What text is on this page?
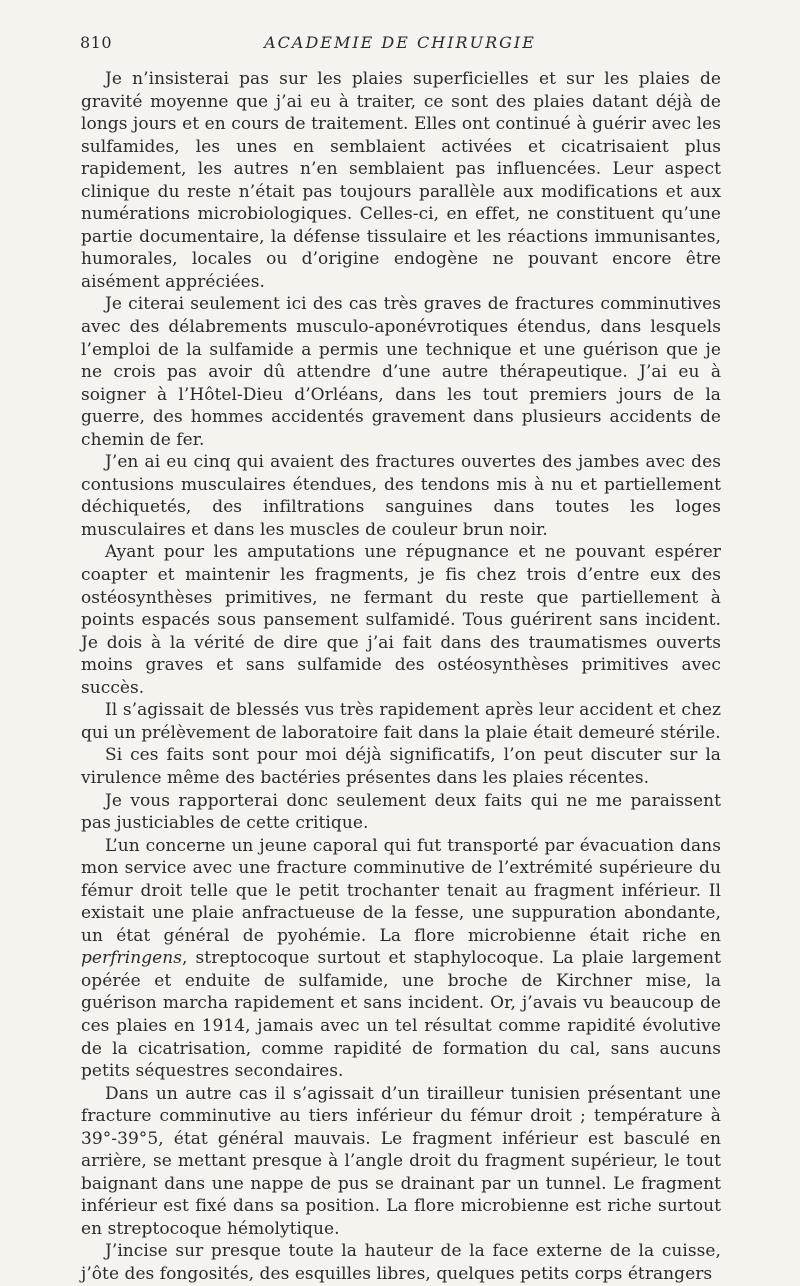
810	ACADEMIE DE CHIRURGIE

Je n’insisterai pas sur les plaies superficielles et sur les plaies de gravité moyenne que j’ai eu à traiter, ce sont des plaies datant déjà de longs jours et en cours de traitement. Elles ont continué à guérir avec les sulfamides, les unes en semblaient activées et cicatrisaient plus rapidement, les autres n’en semblaient pas influencées. Leur aspect clinique du reste n’était pas toujours parallèle aux modifications et aux numérations microbiologiques. Celles-ci, en effet, ne constituent qu’une partie documentaire, la défense tissulaire et les réactions immunisantes, humorales, locales ou d’origine endogène ne pouvant encore être aisément appréciées.

Je citerai seulement ici des cas très graves de fractures comminutives avec des délabrements musculo-aponévrotiques étendus, dans lesquels l’emploi de la sulfamide a permis une technique et une guérison que je ne crois pas avoir dû attendre d’une autre thérapeutique. J’ai eu à soigner à l’Hôtel-Dieu d’Orléans, dans les tout premiers jours de la guerre, des hommes accidentés gravement dans plusieurs accidents de chemin de fer.

J’en ai eu cinq qui avaient des fractures ouvertes des jambes avec des contusions musculaires étendues, des tendons mis à nu et partiellement déchiquetés, des infiltrations sanguines dans toutes les loges musculaires et dans les muscles de couleur brun noir.

Ayant pour les amputations une répugnance et ne pouvant espérer coapter et maintenir les fragments, je fis chez trois d’entre eux des ostéosynthèses primitives, ne fermant du reste que partiellement à points espacés sous pansement sulfamidé. Tous guérirent sans incident. Je dois à la vérité de dire que j’ai fait dans des traumatismes ouverts moins graves et sans sulfamide des ostéosynthèses primitives avec succès.

Il s’agissait de blessés vus très rapidement après leur accident et chez qui un prélèvement de laboratoire fait dans la plaie était demeuré stérile.

Si ces faits sont pour moi déjà significatifs, l’on peut discuter sur la virulence même des bactéries présentes dans les plaies récentes.

Je vous rapporterai donc seulement deux faits qui ne me paraissent pas justiciables de cette critique.

L’un concerne un jeune caporal qui fut transporté par évacuation dans mon service avec une fracture comminutive de l’extrémité supérieure du fémur droit telle que le petit trochanter tenait au fragment inférieur. Il existait une plaie anfractueuse de la fesse, une suppuration abondante, un état général de pyohémie. La flore microbienne était riche en perfringens, streptocoque surtout et staphylocoque. La plaie largement opérée et enduite de sulfamide, une broche de Kirchner mise, la guérison marcha rapidement et sans incident. Or, j’avais vu beaucoup de ces plaies en 1914, jamais avec un tel résultat comme rapidité évolutive de la cicatrisation, comme rapidité de formation du cal, sans aucuns petits séquestres secondaires.

Dans un autre cas il s’agissait d’un tirailleur tunisien présentant une fracture comminutive au tiers inférieur du fémur droit ; température à 39°-39°5, état général mauvais. Le fragment inférieur est basculé en arrière, se mettant presque à l’angle droit du fragment supérieur, le tout baignant dans une nappe de pus se drainant par un tunnel. Le fragment inférieur est fixé dans sa position. La flore microbienne est riche surtout en streptocoque hémolytique.

J’incise sur presque toute la hauteur de la face externe de la cuisse, j’ôte des fongosités, des esquilles libres, quelques petits corps étrangers
